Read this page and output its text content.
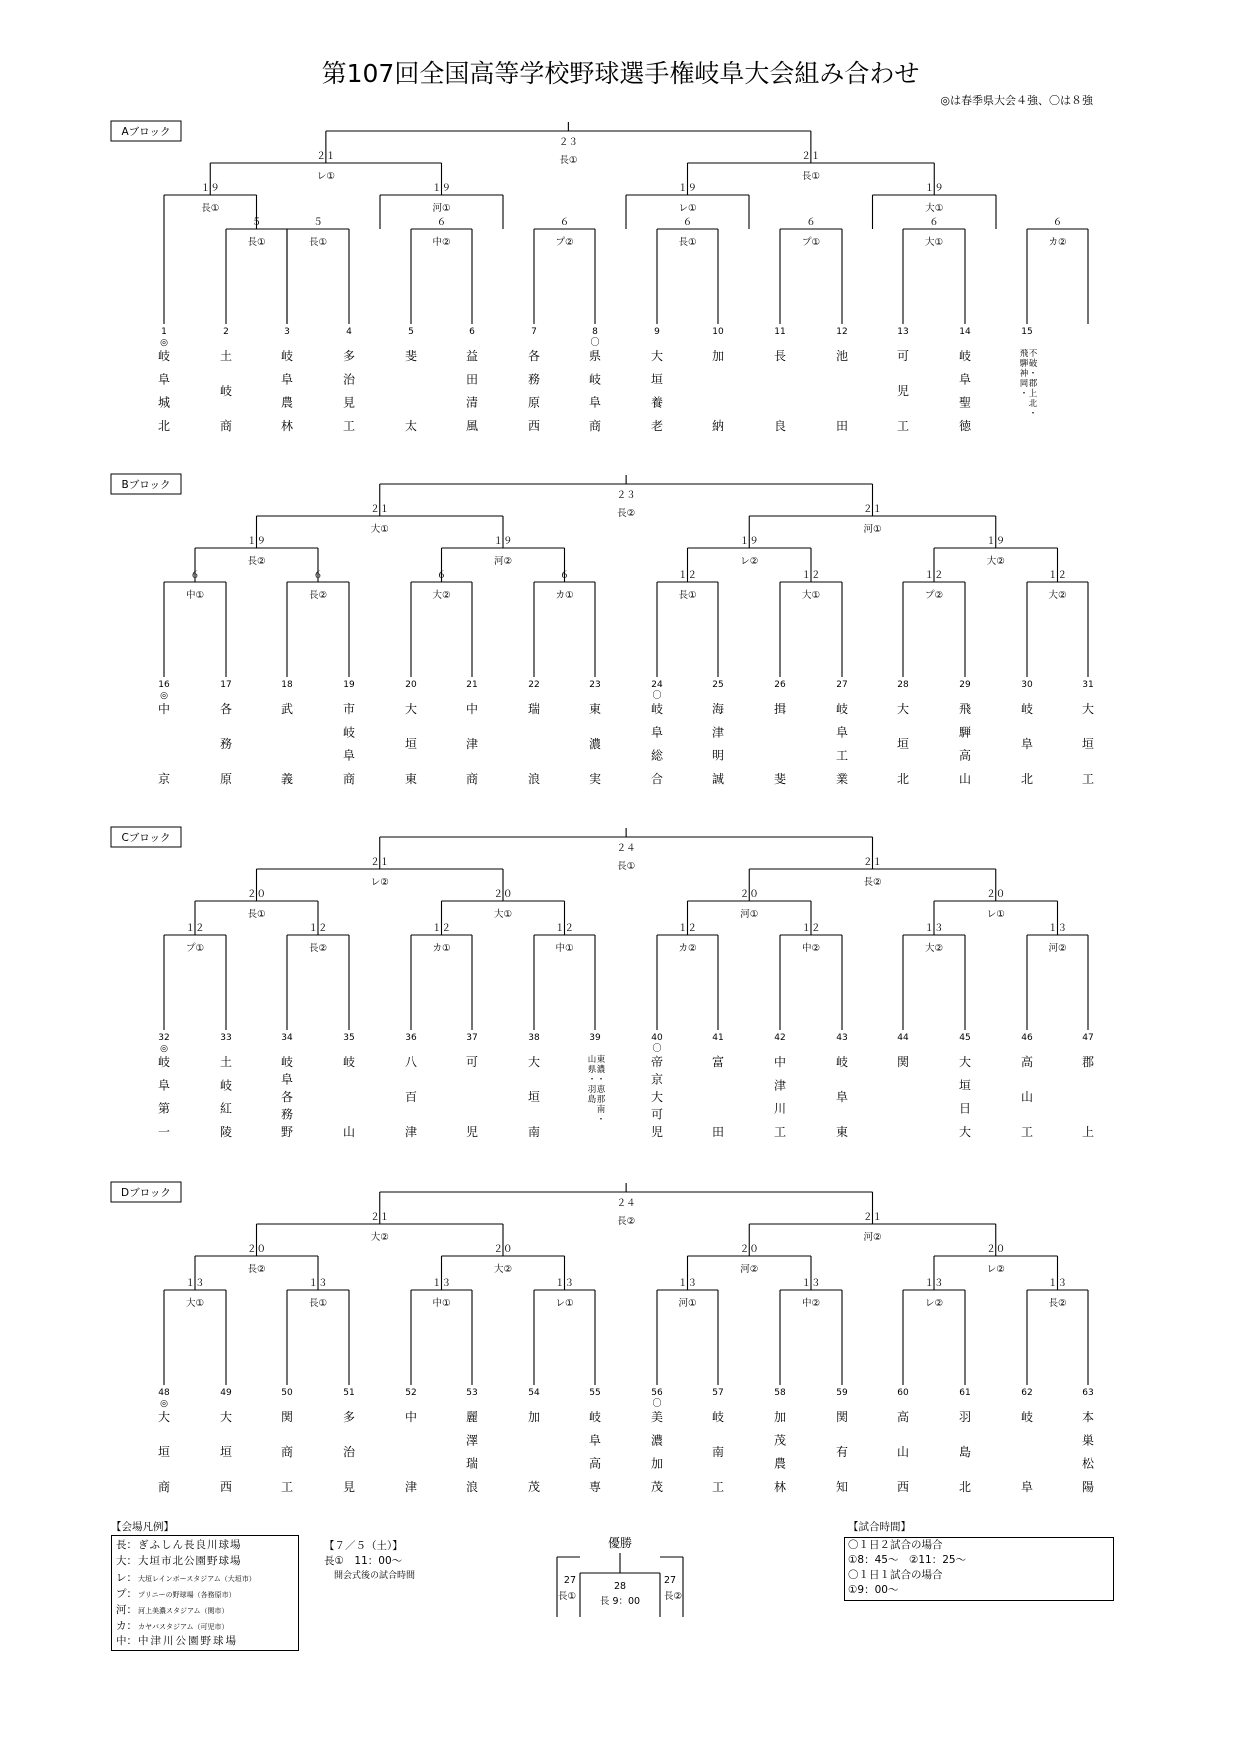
第107回全国高等学校野球選手権岐阜大会組み合わせ
◎は春季県大会４強、〇は８強
Aブロック
５
長①
６
中②
６
プ②
６
長①
６
プ①
６
大①
６
カ②
５
長①
１９
長①
１９
河①
１９
レ①
１９
大①
２１
レ①
２１
長①
２３
長①
1
◎
岐
阜
城
北
2
土
岐
商
3
岐
阜
農
林
4
多
治
見
工
5
斐
太
6
益
田
清
風
7
各
務
原
西
8
〇
県
岐
阜
商
9
大
垣
養
老
10
加
納
11
長
良
12
池
田
13
可
児
工
14
岐
阜
聖
徳
15
不
破
・
郡
上
北
・
飛
騨
神
岡
・
Bブロック
６
中①
６
長②
６
大②
６
カ①
１２
長①
１２
大①
１２
プ②
１２
大②
１９
長②
１９
河②
１９
レ②
１９
大②
２１
大①
２１
河①
２３
長②
16
◎
中
京
17
各
務
原
18
武
義
19
市
岐
阜
商
20
大
垣
東
21
中
津
商
22
瑞
浪
23
東
濃
実
24
〇
岐
阜
総
合
25
海
津
明
誠
26
揖
斐
27
岐
阜
工
業
28
大
垣
北
29
飛
騨
高
山
30
岐
阜
北
31
大
垣
工
Cブロック
１２
プ①
１２
長②
１２
カ①
１２
中①
１２
カ②
１２
中②
１３
大②
１３
河②
２０
長①
２０
大①
２０
河①
２０
レ①
２１
レ②
２１
長②
２４
長①
32
◎
岐
阜
第
一
33
土
岐
紅
陵
34
岐
阜
各
務
野
35
岐
山
36
八
百
津
37
可
児
38
大
垣
南
39
東
濃
・
恵
那
南
・
山
県
・
羽
島
40
〇
帝
京
大
可
児
41
富
田
42
中
津
川
工
43
岐
阜
東
44
関
45
大
垣
日
大
46
高
山
工
47
郡
上
Dブロック
１３
大①
１３
長①
１３
中①
１３
レ①
１３
河①
１３
中②
１３
レ②
１３
長②
２０
長②
２０
大②
２０
河②
２０
レ②
２１
大②
２１
河②
２４
長②
48
◎
大
垣
商
49
大
垣
西
50
関
商
工
51
多
治
見
52
中
津
53
麗
澤
瑞
浪
54
加
茂
55
岐
阜
高
専
56
〇
美
濃
加
茂
57
岐
南
工
58
加
茂
農
林
59
関
有
知
60
高
山
西
61
羽
島
北
62
岐
阜
63
本
巣
松
陽
優勝
27
長①
27
長②
28
長 9：00
【会場凡例】
長：ぎふしん長良川球場
大：大垣市北公園野球場
レ：大垣レインボースタジアム（大垣市）
プ：プリニーの野球場（各務原市）
河：河上美濃スタジアム（関市）
カ：カヤバスタジアム（可児市）
中：中津川公園野球場
【７／５（土）】
長①　11：00～
開会式後の試合時間
【試合時間】
〇１日２試合の場合
①8：45～　②11：25～
〇１日１試合の場合
①9：00～
